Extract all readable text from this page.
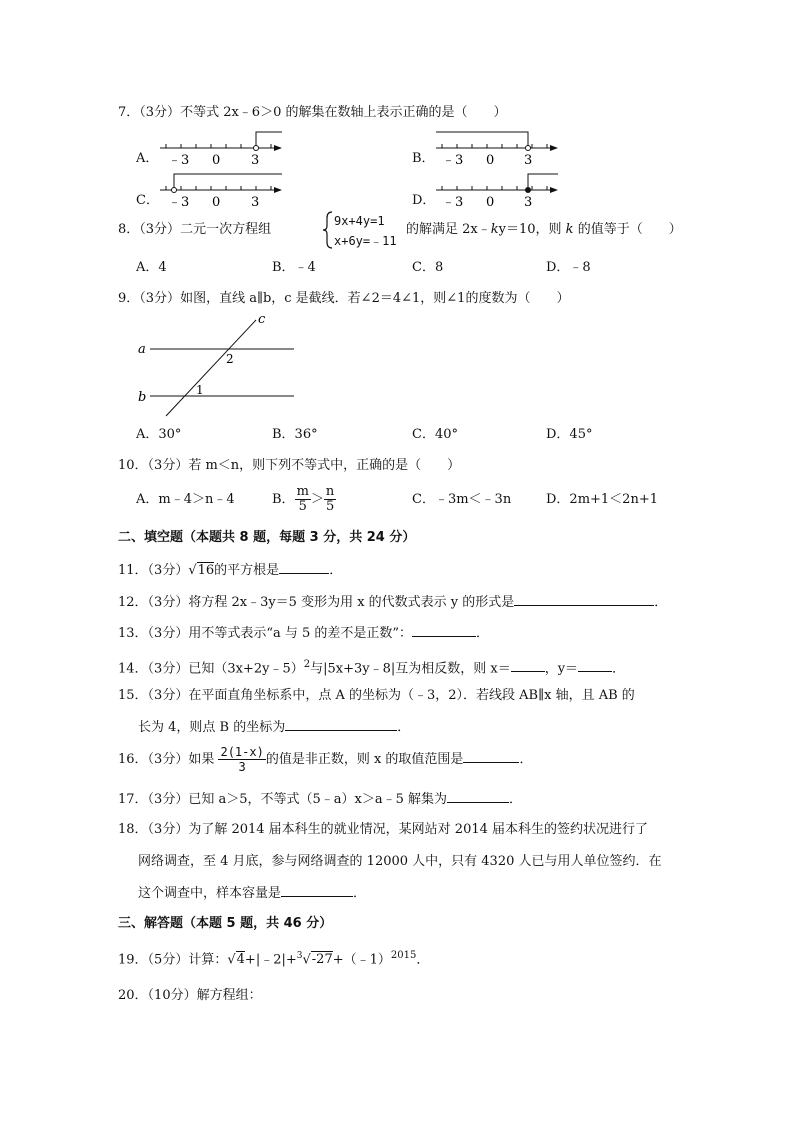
7．（3分）不等式 2x﹣6＞0 的解集在数轴上表示正确的是（　　）
A． ﹣3 0 3	B． ﹣3 0 3
C． ﹣3 0 3	D． ﹣3 0 3
8．（3分）二元一次方程组
9x+4y=1
x+6y=﹣11
的解满足 2x﹣ky＝10，则 k 的值等于（　　）
A．4	B．﹣4	C．8	D．﹣8
9．（3分）如图，直线 a∥b，c 是截线．若∠2＝4∠1，则∠1的度数为（　　）
a
b
c
2
1
A．30°	B．36°	C．40°	D．45°
10．（3分）若 m＜n，则下列不等式中，正确的是（　　）
A．m﹣4＞n﹣4	B． $\frac{m}{5} > \frac{n}{5}$	C．﹣3m＜﹣3n	D．2m+1＜2n+1
二、填空题（本题共 8 题，每题 3 分，共 24 分）
11．（3分）√16的平方根是	．
12．（3分）将方程 2x﹣3y＝5 变形为用 x 的代数式表示 y 的形式是	．
13．（3分）用不等式表示“a 与 5 的差不是正数”：	．
14．（3分）已知（3x+2y﹣5）$^2$与|5x+3y﹣8|互为相反数，则 x＝	，y＝	．
15．（3分）在平面直角坐标系中，点 A 的坐标为（﹣3，2）．若线段 AB∥x 轴，且 AB 的
长为 4，则点 B 的坐标为	．
16．（3分）如果 $\frac{2(1-x)}{3}$ 的值是非正数，则 x 的取值范围是	．
17．（3分）已知 a＞5，不等式（5﹣a）x＞a﹣5 解集为	．
18．（3分）为了解 2014 届本科生的就业情况，某网站对 2014 届本科生的签约状况进行了
网络调查，至 4 月底，参与网络调查的 12000 人中，只有 4320 人已与用人单位签约．在
这个调查中，样本容量是	．
三、解答题（本题 5 题，共 46 分）
19．（5分）计算：√4+|﹣2|+$^3$√-27+（﹣1）$^{2015}$．
20．（10分）解方程组：
